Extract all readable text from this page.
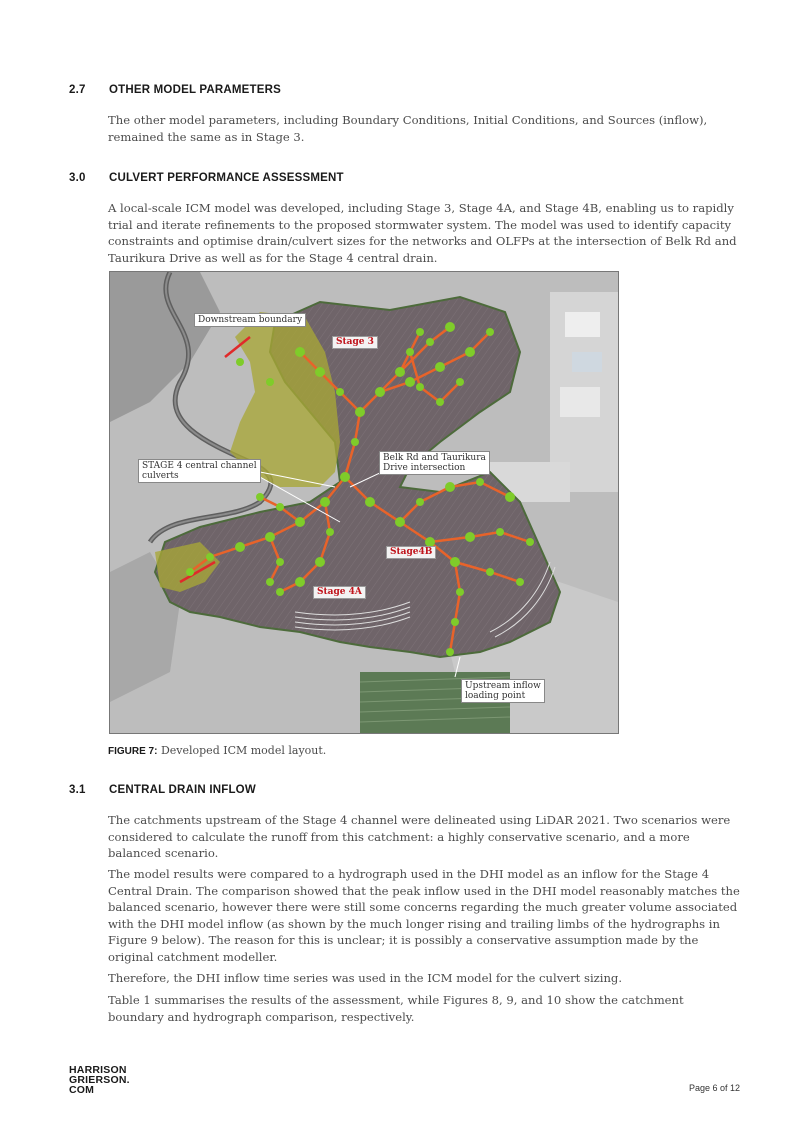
2.7 OTHER MODEL PARAMETERS

The other model parameters, including Boundary Conditions, Initial Conditions, and Sources (inflow), remained the same as in Stage 3.

3.0 CULVERT PERFORMANCE ASSESSMENT

A local-scale ICM model was developed, including Stage 3, Stage 4A, and Stage 4B, enabling us to rapidly trial and iterate refinements to the proposed stormwater system. The model was used to identify capacity constraints and optimise drain/culvert sizes for the networks and OLFPs at the intersection of Belk Rd and Taurikura Drive as well as for the Stage 4 central drain.

Downstream boundary
Stage 3
STAGE 4 central channel
culverts
Belk Rd and Taurikura
Drive intersection
Stage4B
Stage 4A
Upstream inflow
loading point
FIGURE 7: Developed ICM model layout.
3.1 CENTRAL DRAIN INFLOW

The catchments upstream of the Stage 4 channel were delineated using LiDAR 2021. Two scenarios were considered to calculate the runoff from this catchment: a highly conservative scenario, and a more balanced scenario.

The model results were compared to a hydrograph used in the DHI model as an inflow for the Stage 4 Central Drain. The comparison showed that the peak inflow used in the DHI model reasonably matches the balanced scenario, however there were still some concerns regarding the much greater volume associated with the DHI model inflow (as shown by the much longer rising and trailing limbs of the hydrographs in Figure 9 below). The reason for this is unclear; it is possibly a conservative assumption made by the original catchment modeller.

Therefore, the DHI inflow time series was used in the ICM model for the culvert sizing.

Table 1 summarises the results of the assessment, while Figures 8, 9, and 10 show the catchment boundary and hydrograph comparison, respectively.

HARRISON
GRIERSON.
COM	Page 6 of 12
